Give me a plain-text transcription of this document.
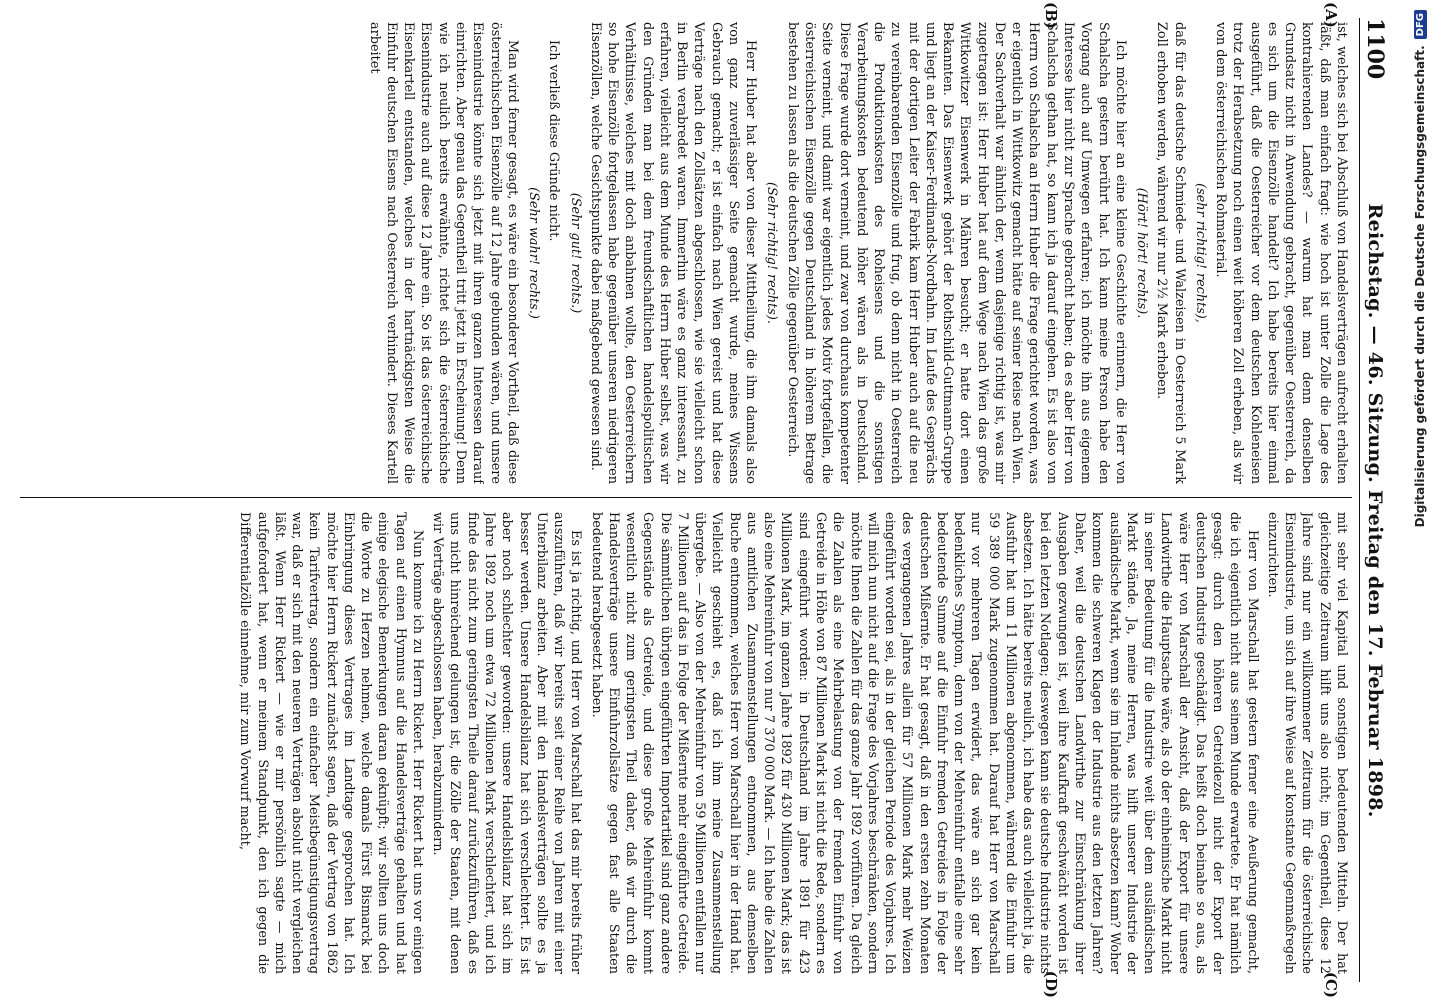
1100
Reichstag. — 46. Sitzung. Freitag den 17. Februar 1898.
(A)
(B)
(C)
(D)

ist, welches sich bei Abschluß von Handelsverträgen aufrecht erhalten läßt, daß man einfach fragt: wie hoch ist unter Zolle die Lage des kontrahierenden Landes? — warum hat man denn denselben Grundsatz nicht in Anwendung gebracht, gegenüber Oesterreich, da es sich um die Eisenzölle handelt? Ich habe bereits hier einmal ausgeführt, daß die Oesterreicher vor dem deutschen Kohleneisen trotz der Herabsetzung noch einen weit höheren Zoll erheben, als wir von dem österreichischen Rohmaterial.

(sehr richtig! rechts),

daß für das deutsche Schmiede- und Walzeisen in Oesterreich 5 Mark Zoll erhoben werden, während wir nur 2½ Mark erheben.

(Hört! hört! rechts).

Ich möchte hier an eine kleine Geschichte erinnern, die Herr von Schalscha gestern berührt hat. Ich kann meine Person habe den Vorgang auch auf Umwegen erfahren; ich möchte ihn aus eigenem Interesse hier nicht zur Sprache gebracht haben; da es aber Herr von Schalscha gethan hat, so kann ich ja darauf eingehen. Es ist also von Herrn von Schalscha an Herrn Huber die Frage gerichtet worden, was er eigentlich in Wittkowitz gemacht hätte auf seiner Reise nach Wien. Der Sachverhalt war ähnlich der, wenn dasjenige richtig ist, was mir zugetragen ist: Herr Huber hat auf dem Wege nach Wien das große Wittkowitzer Eisenwerk in Mähren besucht; er hatte dort einen Bekannten. Das Eisenwerk gehört der Rothschild-Guttmann-Gruppe und liegt an der Kaiser-Ferdinands-Nordbahn. Im Laufe des Gesprächs mit der dortigen Leiter der Fabrik kam Herr Huber auch auf die neu zu vereinbarenden Eisenzölle und frug, ob denn nicht in Oesterreich die Produktionskosten des Roheisens und die sonstigen Verarbeitungskosten bedeutend höher wären als in Deutschland. Diese Frage wurde dort verneint, und zwar von durchaus kompetenter Seite verneint, und damit war eigentlich jedes Motiv fortgefallen, die österreichischen Eisenzölle gegen Deutschland in höherem Betrage bestehen zu lassen als die deutschen Zölle gegenüber Oesterreich.

(Sehr richtig! rechts).

Herr Huber hat aber von dieser Mittheilung, die ihm damals also von ganz zuverlässiger Seite gemacht wurde, meines Wissens Gebrauch gemacht; er ist einfach nach Wien gereist und hat diese Verträge nach den Zollsätzen abgeschlossen, wie sie vielleicht schon in Berlin verabredet waren. Immerhin wäre es ganz interessant, zu erfahren, vielleicht aus dem Munde des Herrn Huber selbst, was wir den Gründen man bei dem freundschaftlichen handelspolitischen Verhältnisse, welches mit doch anbahnen wollte, den Oesterreichern so hohe Eisenzölle fortgelassen habe gegenüber unseren niedrigeren Eisenzöllen, welche Gesichtspunkte dabei maßgebend gewesen sind.

(Sehr gut! rechts.)

Ich verließ diese Gründe nicht.

(Sehr wahr! rechts.)

Man wird ferner gesagt, es wäre ein besonderer Vortheil, daß diese österreichischen Eisenzölle auf 12 Jahre gebunden wären, und unsere Eisenindustrie könnte sich jetzt mit ihren ganzen Interessen darauf einrichten. Aber genau das Gegentheil tritt jetzt in Erscheinung! Denn wie ich neulich bereits erwähnte, richtet sich die österreichische Eisenindustrie auch auf diese 12 Jahre ein. So ist das österreichische Eisenkartell entstanden, welches in der hartnäckigsten Weise die Einfuhr deutschen Eisens nach Oesterreich verhindert. Dieses Kartell arbeitet

mit sehr viel Kapital und sonstigen bedeutenden Mitteln. Der hat gleichzeitige Zeitraum hilft uns also nicht; im Gegentheil, diese 12 Jahre sind nur ein willkommener Zeitraum für die österreichische Eisenindustrie, um sich auf ihre Weise auf konstante Gegenmaßregeln einzurichten.

Herr von Marschall hat gestern ferner eine Aeußerung gemacht, die ich eigentlich nicht aus seinem Munde erwartete. Er hat nämlich gesagt: durch den höheren Getreidezoll nicht der Export der deutschen Industrie geschädigt. Das heißt doch beinahe so aus, als wäre Herr von Marschall der Ansicht, daß der Export für unsere Landwirthe die Hauptsache wäre, als ob der einheimische Markt nicht in seiner Bedeutung für die Industrie weit über dem ausländischen Markt stände. Ja, meine Herren, was hilft unserer Industrie der ausländische Markt, wenn sie im Inlande nichts absetzen kann? Woher kommen die schweren Klagen der Industrie aus den letzten Jahren? Daher, weil die deutschen Landwirthe zur Einschränkung ihrer Ausgaben gezwungen ist, weil ihre Kaufkraft geschwächt worden ist bei den letzten Notlagen; deswegen kann sie deutsche Industrie nichts absetzen. Ich hätte bereits neulich, ich habe das auch vielleicht ja, die Ausfuhr hat um 11 Millionen abgenommen, während die Einfuhr um 59 389 000 Mark zugenommen hat. Darauf hat Herr von Marschall nur vor mehreren Tagen erwidert, das wäre an sich gar kein bedenkliches Symptom, denn von der Mehreinfuhr entfalle eine sehr bedeutende Summe auf die Einfuhr fremden Getreides in Folge der deutschen Mißernte. Er hat gesagt, daß in den ersten zehn Monaten des vergangenen Jahres allein für 57 Millionen Mark mehr Weizen eingeführt worden sei, als in der gleichen Periode des Vorjahres. Ich will mich nun nicht auf die Frage des Vorjahres beschränken, sondern möchte Ihnen die Zahlen für das ganze Jahr 1892 vorführen. Da gleich die Zahlen als eine Mehrbelastung von der fremden Einfuhr von Getreide in Höhe von 87 Millionen Mark ist nicht die Rede, sondern es sind eingeführt worden: in Deutschland im Jahre 1891 für 423 Millionen Mark, im ganzen Jahre 1892 für 430 Millionen Mark; das ist also eine Mehreinfuhr von nur 7 370 000 Mark. — Ich habe die Zahlen aus amtlichen Zusammenstellungen entnommen, aus demselben Buche entnommen, welches Herr von Marschall hier in der Hand hat. Vielleicht geschieht es, daß ich ihm meine Zusammenstellung übergebe. — Also von der Mehreinfuhr von 59 Millionen entfallen nur 7 Millionen auf das in Folge der Mißernte mehr eingeführte Getreide. Die sämmtlichen übrigen eingeführten Importartikel sind ganz andere Gegenstände als Getreide, und diese große Mehreinfuhr kommt wesentlich nicht zum geringsten Theil daher, daß wir durch die Handelsverträge unsere Einfuhrzollsätze gegen fast alle Staaten bedeutend herabgesetzt haben.

Es ist ja richtig, und Herr von Marschall hat das mir bereits früher auszuführen, daß wir bereits seit einer Reihe von Jahren mit einer Unterbilanz arbeiten. Aber mit den Handelsverträgen sollte es ja besser werden. Unsere Handelsbilanz hat sich verschlechtert. Es ist aber noch schlechter geworden: unsere Handelsbilanz hat sich im Jahre 1892 noch um etwa 72 Millionen Mark verschlechtert, und ich finde das nicht zum geringsten Theile darauf zurückzuführen, daß es uns nicht hinreichend gelungen ist, die Zölle der Staaten, mit denen wir Verträge abgeschlossen haben, herabzumindern.

Nun komme ich zu Herrn Rickert. Herr Rickert hat uns vor einigen Tagen auf einen Hymnus auf die Handelsverträge gehalten und hat einige elegische Bemerkungen daran geknüpft; wir sollten uns doch die Worte zu Herzen nehmen, welche damals Fürst Bismarck bei Einbringung dieses Vertrages im Landtage gesprochen hat. Ich möchte hier Herrn Rickert zunächst sagen, daß der Vertrag von 1862 kein Tarifvertrag, sondern ein einfacher Meistbegünstigungsvertrag war, daß er sich mit den neueren Verträgen absolut nicht vergleichen läßt. Wenn Herr Rickert — wie er mir persönlich sagte — mich aufgefordert hat, wenn er meinem Standpunkt, den ich gegen die Differentialzölle einnehme, mir zum Vorwurf macht,

Digitalisierung gefördert durch die Deutsche Forschungsgemeinschaft.
DFG
